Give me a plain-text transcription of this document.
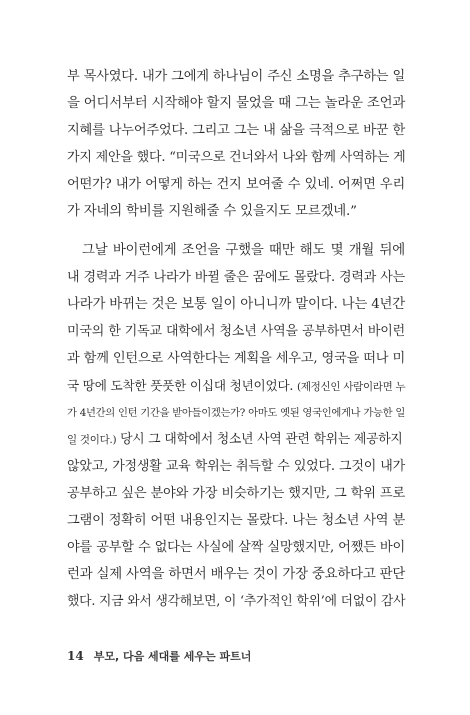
부 목사였다. 내가 그에게 하나님이 주신 소명을 추구하는 일
을 어디서부터 시작해야 할지 물었을 때 그는 놀라운 조언과
지혜를 나누어주었다. 그리고 그는 내 삶을 극적으로 바꾼 한
가지 제안을 했다. “미국으로 건너와서 나와 함께 사역하는 게
어떤가? 내가 어떻게 하는 건지 보여줄 수 있네. 어쩌면 우리
가 자네의 학비를 지원해줄 수 있을지도 모르겠네.”
그날 바이런에게 조언을 구했을 때만 해도 몇 개월 뒤에
내 경력과 거주 나라가 바뀔 줄은 꿈에도 몰랐다. 경력과 사는
나라가 바뀌는 것은 보통 일이 아니니까 말이다. 나는 4년간
미국의 한 기독교 대학에서 청소년 사역을 공부하면서 바이런
과 함께 인턴으로 사역한다는 계획을 세우고, 영국을 떠나 미
국 땅에 도착한 풋풋한 이십대 청년이었다. (제정신인 사람이라면 누
가 4년간의 인턴 기간을 받아들이겠는가? 아마도 옛된 영국인에게나 가능한 일
일 것이다.) 당시 그 대학에서 청소년 사역 관련 학위는 제공하지
않았고, 가정생활 교육 학위는 취득할 수 있었다. 그것이 내가
공부하고 싶은 분야와 가장 비슷하기는 했지만, 그 학위 프로
그램이 정확히 어떤 내용인지는 몰랐다. 나는 청소년 사역 분
야를 공부할 수 없다는 사실에 살짝 실망했지만, 어쨌든 바이
런과 실제 사역을 하면서 배우는 것이 가장 중요하다고 판단
했다. 지금 와서 생각해보면, 이 ‘추가적인 학위’에 더없이 감사
14 부모, 다음 세대를 세우는 파트너
